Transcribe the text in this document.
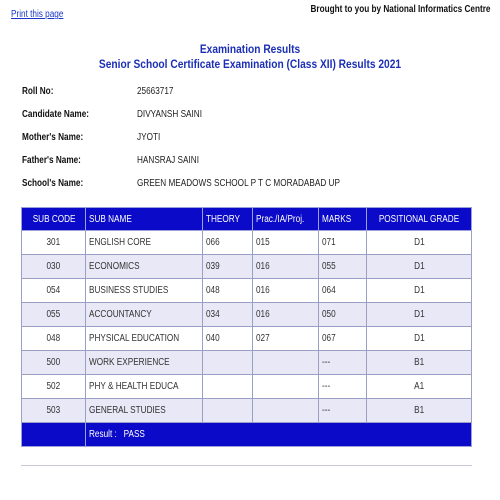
Print this page	Brought to you by National Informatics Centre
Examination Results
Senior School Certificate Examination (Class XII) Results 2021
Roll No:	25663717
Candidate Name:	DIVYANSH SAINI
Mother's Name:	JYOTI
Father's Name:	HANSRAJ SAINI
School's Name:	GREEN MEADOWS SCHOOL P T C MORADABAD UP
SUB CODE	SUB NAME	THEORY	Prac./IA/Proj.	MARKS	POSITIONAL GRADE
301	ENGLISH CORE	066	015	071	D1
030	ECONOMICS	039	016	055	D1
054	BUSINESS STUDIES	048	016	064	D1
055	ACCOUNTANCY	034	016	050	D1
048	PHYSICAL EDUCATION	040	027	067	D1
500	WORK EXPERIENCE			---	B1
502	PHY & HEALTH EDUCA			---	A1
503	GENERAL STUDIES			---	B1
	Result :   PASS				
